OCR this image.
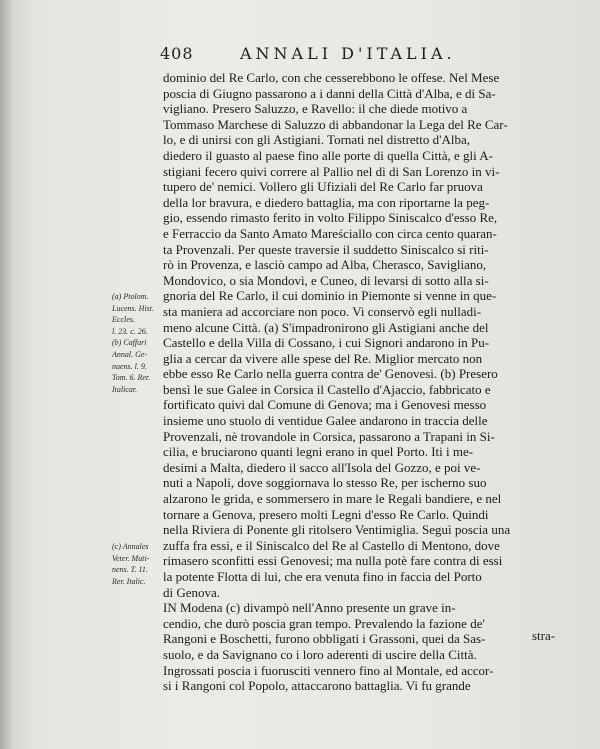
408	ANNALI D'ITALIA.
dominio del Re Carlo, con che cesserebbono le offese. Nel Mese
poscia di Giugno passarono a i danni della Città d'Alba, e di Sa-
vigliano. Presero Saluzzo, e Ravello: il che diede motivo a
Tommaso Marchese di Saluzzo di abbandonar la Lega del Re Car-
lo, e di unirsi con gli Astigiani. Tornati nel distretto d'Alba,
diedero il guasto al paese fino alle porte di quella Città, e gli A-
stigiani fecero quivi correre al Pallio nel dì di San Lorenzo in vi-
tupero de' nemici. Vollero gli Ufiziali del Re Carlo far pruova
della lor bravura, e diedero battaglia, ma con riportarne la peg-
gio, essendo rimasto ferito in volto Filippo Siniscalco d'esso Re,
e Ferraccio da Santo Amato Mareściallo con circa cento quaran-
ta Provenzali. Per queste traversie il suddetto Siniscalco si riti-
rò in Provenza, e lasciò campo ad Alba, Cherasco, Savigliano,
Mondovico, o sia Mondovì, e Cuneo, di levarsi di sotto alla si-
gnoria del Re Carlo, il cui dominio in Piemonte si venne in que-
sta maniera ad accorciare non poco. Vi conservò egli nulladi-
meno alcune Città. (a) S'impadronirono gli Astigiani anche del
Castello e della Villa di Cossano, i cui Signori andarono in Pu-
glia a cercar da vivere alle spese del Re. Miglior mercato non
ebbe esso Re Carlo nella guerra contra de' Genovesi. (b) Presero
bensì le sue Galee in Corsica il Castello d'Ajaccio, fabbricato e
fortificato quivi dal Comune di Genova; ma i Genovesi messo
insieme uno stuolo di ventidue Galee andarono in traccia delle
Provenzali, nè trovandole in Corsica, passarono a Trapani in Si-
cilia, e bruciarono quanti legni erano in quel Porto. Iti i me-
desimi a Malta, diedero il sacco all'Isola del Gozzo, e poi ve-
nuti a Napoli, dove soggiornava lo stesso Re, per ischerno suo
alzarono le grida, e sommersero in mare le Regali bandiere, e nel
tornare a Genova, presero molti Legni d'esso Re Carlo. Quindi
nella Riviera di Ponente gli ritolsero Ventimiglia. Seguì poscia una
zuffa fra essi, e il Siniscalco del Re al Castello di Mentono, dove
rimasero sconfitti essi Genovesi; ma nulla potè fare contra di essi
la potente Flotta di lui, che era venuta fino in faccia del Porto
di Genova.
IN Modena (c) divampò nell'Anno presente un grave in-
cendio, che durò poscia gran tempo. Prevalendo la fazione de'
Rangoni e Boschetti, furono obbligati i Grassoni, quei da Sas-
suolo, e da Savignano co i loro aderenti di uscire della Città.
Ingrossati poscia i fuorusciti vennero fino al Montale, ed accor-
si i Rangoni col Popolo, attaccarono battaglia. Vi fu grande
(a) Ptolom.
Lucens. Hist.
Eccles.
l. 23. c. 26.
(b) Caffari
Annal. Ge-
nuens. l. 9.
Tom. 6. Rer.
Italicar.
(c) Annales
Veter. Muti-
nens. T. 11.
Rer. Italic.
stra-
